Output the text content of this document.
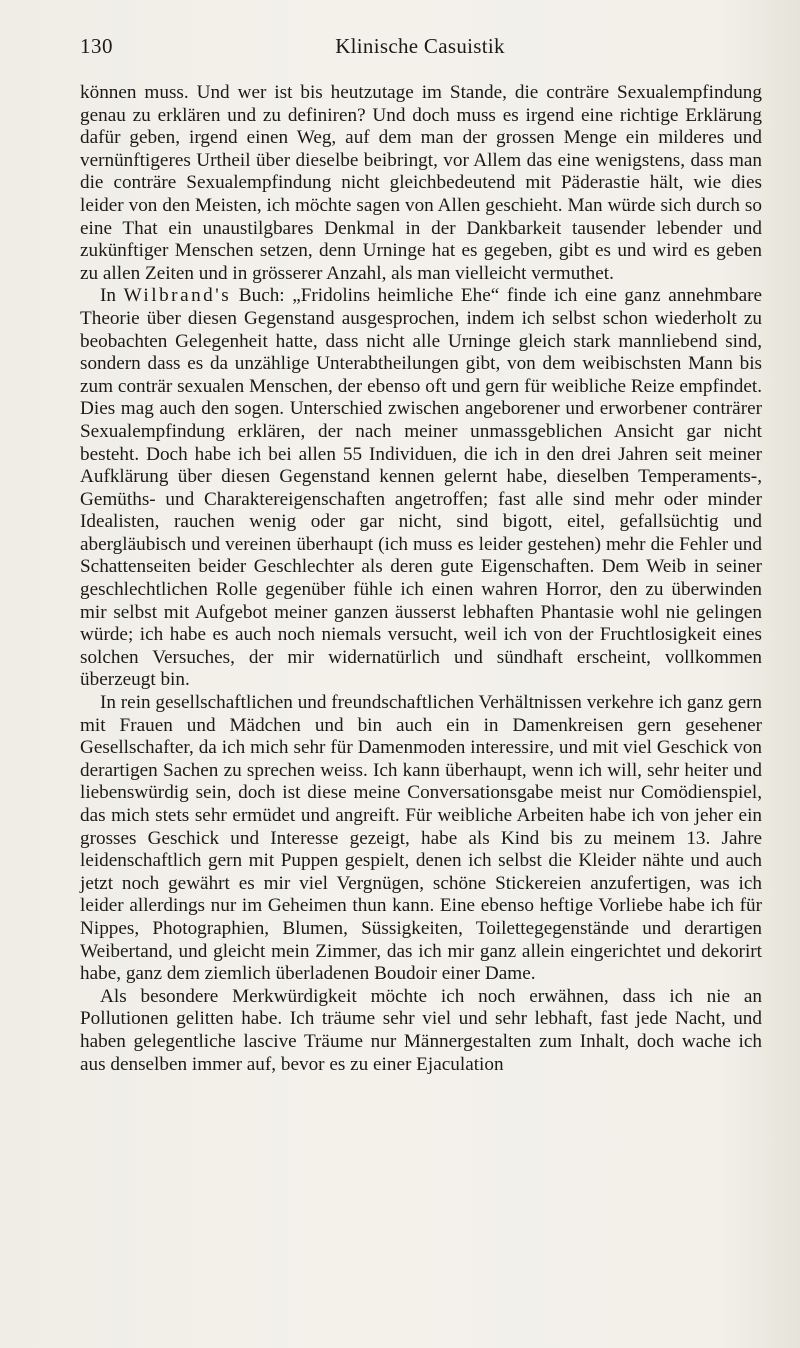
130	Klinische Casuistik

können muss. Und wer ist bis heutzutage im Stande, die conträre Sexualempfindung genau zu erklären und zu definiren? Und doch muss es irgend eine richtige Erklärung dafür geben, irgend einen Weg, auf dem man der grossen Menge ein milderes und vernünftigeres Urtheil über dieselbe beibringt, vor Allem das eine wenigstens, dass man die conträre Sexualempfindung nicht gleichbedeutend mit Päderastie hält, wie dies leider von den Meisten, ich möchte sagen von Allen geschieht. Man würde sich durch so eine That ein unaustilgbares Denkmal in der Dankbarkeit tausender lebender und zukünftiger Menschen setzen, denn Urninge hat es gegeben, gibt es und wird es geben zu allen Zeiten und in grösserer Anzahl, als man vielleicht vermuthet.

In Wilbrand's Buch: „Fridolins heimliche Ehe“ finde ich eine ganz annehmbare Theorie über diesen Gegenstand ausgesprochen, indem ich selbst schon wiederholt zu beobachten Gelegenheit hatte, dass nicht alle Urninge gleich stark mannliebend sind, sondern dass es da unzählige Unterabtheilungen gibt, von dem weibischsten Mann bis zum conträr sexualen Menschen, der ebenso oft und gern für weibliche Reize empfindet. Dies mag auch den sogen. Unterschied zwischen angeborener und erworbener conträrer Sexualempfindung erklären, der nach meiner unmassgeblichen Ansicht gar nicht besteht. Doch habe ich bei allen 55 Individuen, die ich in den drei Jahren seit meiner Aufklärung über diesen Gegenstand kennen gelernt habe, dieselben Temperaments-, Gemüths- und Charaktereigenschaften angetroffen; fast alle sind mehr oder minder Idealisten, rauchen wenig oder gar nicht, sind bigott, eitel, gefallsüchtig und abergläubisch und vereinen überhaupt (ich muss es leider gestehen) mehr die Fehler und Schattenseiten beider Geschlechter als deren gute Eigenschaften. Dem Weib in seiner geschlechtlichen Rolle gegenüber fühle ich einen wahren Horror, den zu überwinden mir selbst mit Aufgebot meiner ganzen äusserst lebhaften Phantasie wohl nie gelingen würde; ich habe es auch noch niemals versucht, weil ich von der Fruchtlosigkeit eines solchen Versuches, der mir widernatürlich und sündhaft erscheint, vollkommen überzeugt bin.

In rein gesellschaftlichen und freundschaftlichen Verhältnissen verkehre ich ganz gern mit Frauen und Mädchen und bin auch ein in Damenkreisen gern gesehener Gesellschafter, da ich mich sehr für Damenmoden interessire, und mit viel Geschick von derartigen Sachen zu sprechen weiss. Ich kann überhaupt, wenn ich will, sehr heiter und liebenswürdig sein, doch ist diese meine Conversationsgabe meist nur Comödienspiel, das mich stets sehr ermüdet und angreift. Für weibliche Arbeiten habe ich von jeher ein grosses Geschick und Interesse gezeigt, habe als Kind bis zu meinem 13. Jahre leidenschaftlich gern mit Puppen gespielt, denen ich selbst die Kleider nähte und auch jetzt noch gewährt es mir viel Vergnügen, schöne Stickereien anzufertigen, was ich leider allerdings nur im Geheimen thun kann. Eine ebenso heftige Vorliebe habe ich für Nippes, Photographien, Blumen, Süssigkeiten, Toilettegegenstände und derartigen Weibertand, und gleicht mein Zimmer, das ich mir ganz allein eingerichtet und dekorirt habe, ganz dem ziemlich überladenen Boudoir einer Dame.

Als besondere Merkwürdigkeit möchte ich noch erwähnen, dass ich nie an Pollutionen gelitten habe. Ich träume sehr viel und sehr lebhaft, fast jede Nacht, und haben gelegentliche lascive Träume nur Männergestalten zum Inhalt, doch wache ich aus denselben immer auf, bevor es zu einer Ejaculation
